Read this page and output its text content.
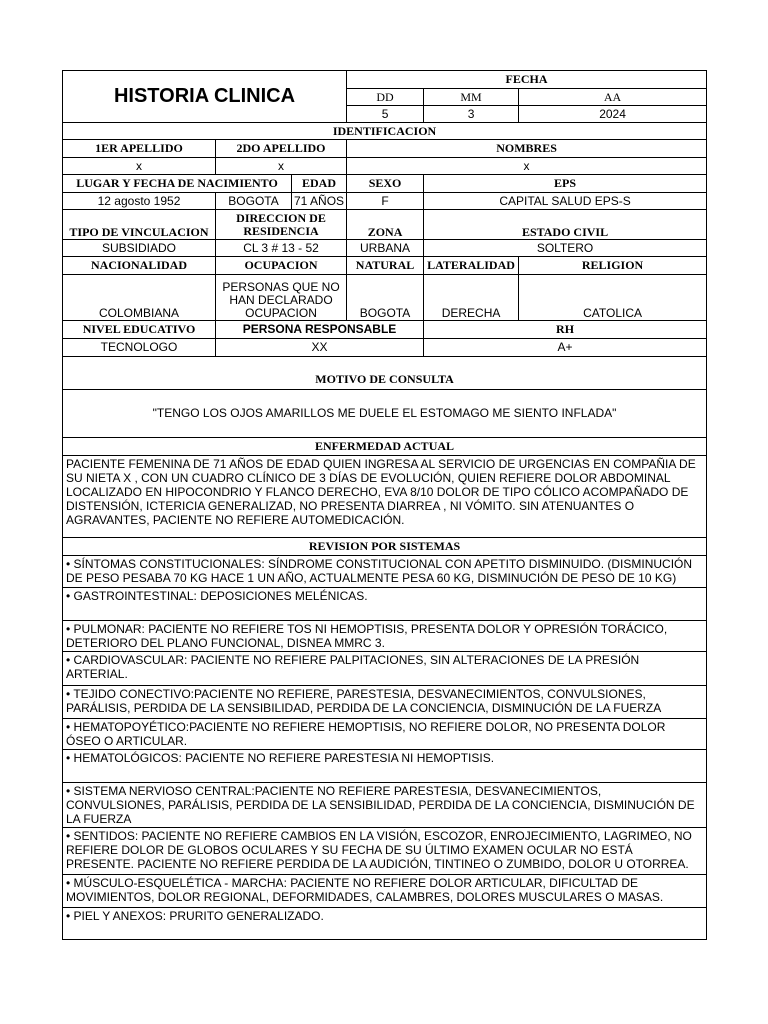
HISTORIA CLINICA			FECHA		
			DD	MM	AA
			5	3	2024
IDENTIFICACION					
1ER APELLIDO	2DO APELLIDO		NOMBRES		
x	x		x		
LUGAR Y FECHA DE NACIMIENTO		EDAD	SEXO	EPS	
12 agosto 1952	BOGOTA	71 AÑOS	F	CAPITAL SALUD EPS-S	
TIPO DE VINCULACION	DIRECCION DE RESIDENCIA		ZONA	ESTADO CIVIL	
SUBSIDIADO	CL 3 # 13 - 52		URBANA	SOLTERO	
NACIONALIDAD	OCUPACION		NATURAL	LATERALIDAD	RELIGION
COLOMBIANA	PERSONAS QUE NO HAN DECLARADO OCUPACION		BOGOTA	DERECHA	CATOLICA
NIVEL EDUCATIVO	PERSONA RESPONSABLE			RH	
TECNOLOGO	XX			A+	
MOTIVO DE CONSULTA					
"TENGO LOS OJOS AMARILLOS ME DUELE EL ESTOMAGO ME SIENTO INFLADA"					
ENFERMEDAD ACTUAL					
PACIENTE FEMENINA DE 71 AÑOS DE EDAD QUIEN INGRESA AL SERVICIO DE URGENCIAS EN COMPAÑIA DE SU NIETA X , CON UN CUADRO CLÍNICO DE 3 DÍAS DE EVOLUCIÓN, QUIEN REFIERE DOLOR ABDOMINAL LOCALIZADO EN HIPOCONDRIO Y FLANCO DERECHO, EVA 8/10 DOLOR DE TIPO CÓLICO ACOMPAÑADO DE DISTENSIÓN, ICTERICIA GENERALIZAD, NO PRESENTA DIARREA , NI VÓMITO. SIN ATENUANTES O AGRAVANTES, PACIENTE NO REFIERE AUTOMEDICACIÓN.					
REVISION POR SISTEMAS					
• SÍNTOMAS CONSTITUCIONALES: SÍNDROME CONSTITUCIONAL CON APETITO DISMINUIDO. (DISMINUCIÓN DE PESO PESABA 70 KG HACE 1 UN AÑO, ACTUALMENTE PESA 60 KG, DISMINUCIÓN DE PESO DE 10 KG)					
• GASTROINTESTINAL: DEPOSICIONES MELÉNICAS.					
• PULMONAR: PACIENTE NO REFIERE TOS NI HEMOPTISIS, PRESENTA DOLOR Y OPRESIÓN TORÁCICO, DETERIORO DEL PLANO FUNCIONAL, DISNEA MMRC 3.					
• CARDIOVASCULAR: PACIENTE NO REFIERE PALPITACIONES, SIN ALTERACIONES DE LA PRESIÓN ARTERIAL.					
• TEJIDO CONECTIVO:PACIENTE NO REFIERE, PARESTESIA, DESVANECIMIENTOS, CONVULSIONES, PARÁLISIS, PERDIDA DE LA SENSIBILIDAD, PERDIDA DE LA CONCIENCIA, DISMINUCIÓN DE LA FUERZA					
• HEMATOPOYÉTICO:PACIENTE NO REFIERE HEMOPTISIS, NO REFIERE DOLOR, NO PRESENTA DOLOR ÓSEO O ARTICULAR.					
• HEMATOLÓGICOS: PACIENTE NO REFIERE PARESTESIA NI HEMOPTISIS.					
• SISTEMA NERVIOSO CENTRAL:PACIENTE NO REFIERE PARESTESIA, DESVANECIMIENTOS, CONVULSIONES, PARÁLISIS, PERDIDA DE LA SENSIBILIDAD, PERDIDA DE LA CONCIENCIA, DISMINUCIÓN DE LA FUERZA					
• SENTIDOS: PACIENTE NO REFIERE CAMBIOS EN LA VISIÓN, ESCOZOR, ENROJECIMIENTO, LAGRIMEO, NO REFIERE DOLOR DE GLOBOS OCULARES Y SU FECHA DE SU ÚLTIMO EXAMEN OCULAR NO ESTÁ PRESENTE. PACIENTE NO REFIERE PERDIDA DE LA AUDICIÓN, TINTINEO O ZUMBIDO, DOLOR U OTORREA.					
• MÚSCULO-ESQUELÉTICA - MARCHA: PACIENTE NO REFIERE DOLOR ARTICULAR, DIFICULTAD DE MOVIMIENTOS, DOLOR REGIONAL, DEFORMIDADES, CALAMBRES, DOLORES MUSCULARES O MASAS.					
• PIEL Y ANEXOS: PRURITO GENERALIZADO.					
